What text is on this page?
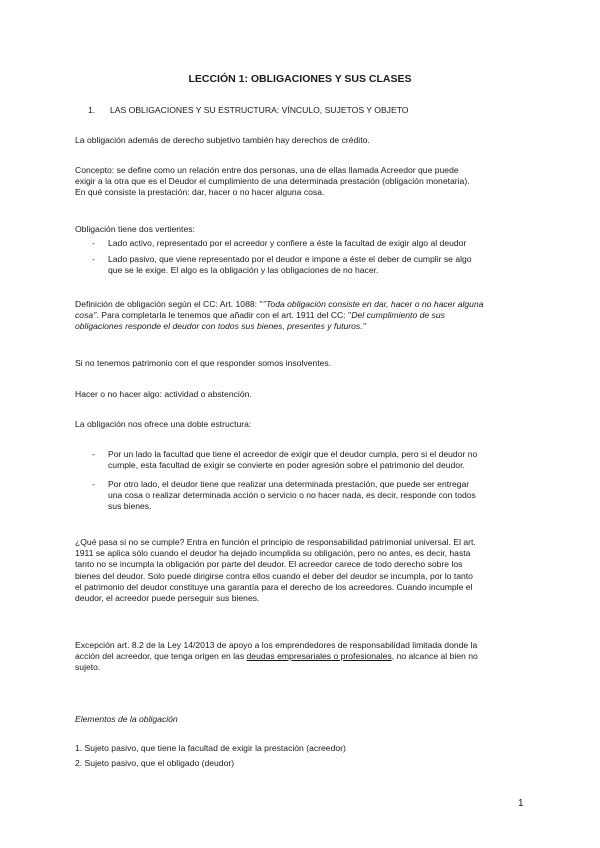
LECCIÓN 1: OBLIGACIONES Y SUS CLASES
1. LAS OBLIGACIONES Y SU ESTRUCTURA: VÍNCULO, SUJETOS Y OBJETO
La obligación además de derecho subjetivo también hay derechos de crédito.
Concepto: se define como un relación entre dos personas, una de ellas llamada Acreedor que puede
exigir a la otra que es el Deudor el cumplimiento de una determinada prestación (obligación monetaria).
En qué consiste la prestación: dar, hacer o no hacer alguna cosa.
Obligación tiene dos vertientes:
-	Lado activo, representado por el acreedor y confiere a éste la facultad de exigir algo al deudor
-	Lado pasivo, que viene representado por el deudor e impone a éste el deber de cumplir se algo
que se le exige. El algo es la obligación y las obligaciones de no hacer.
Definición de obligación según el CC: Art. 1088: ''''Toda obligación consiste en dar, hacer o no hacer alguna
cosa''. Para completarla le tenemos que añadir con el art. 1911 del CC: ''Del cumplimiento de sus
obligaciones responde el deudor con todos sus bienes, presentes y futuros.''
Si no tenemos patrimonio con el que responder somos insolventes.
Hacer o no hacer algo: actividad o abstención.
La obligación nos ofrece una doble estructura:
-	Por un lado la facultad que tiene el acreedor de exigir que el deudor cumpla, pero si el deudor no
cumple, esta facultad de exigir se convierte en poder agresión sobre el patrimonio del deudor.
-	Por otro lado, el deudor tiene que realizar una determinada prestación, que puede ser entregar
una cosa o realizar determinada acción o servicio o no hacer nada, es decir, responde con todos
sus bienes.
¿Qué pasa si no se cumple? Entra en función el principio de responsabilidad patrimonial universal. El art.
1911 se aplica sólo cuando el deudor ha dejado incumplida su obligación, pero no antes, es decir, hasta
tanto no se incumpla la obligación por parte del deudor. El acreedor carece de todo derecho sobre los
bienes del deudor. Solo puede dirigirse contra ellos cuando el deber del deudor se incumpla, por lo tanto
el patrimonio del deudor constituye una garantía para el derecho de los acreedores. Cuando incumple el
deudor, el acreedor puede perseguir sus bienes.
Excepción art. 8.2 de la Ley 14/2013 de apoyo a los emprendedores de responsabilidad limitada donde la
acción del acreedor, que tenga origen en las deudas empresariales o profesionales, no alcance al bien no
sujeto.
Elementos de la obligación
1. Sujeto pasivo, que tiene la facultad de exigir la prestación (acreedor)
2. Sujeto pasivo, que el obligado (deudor)
1
